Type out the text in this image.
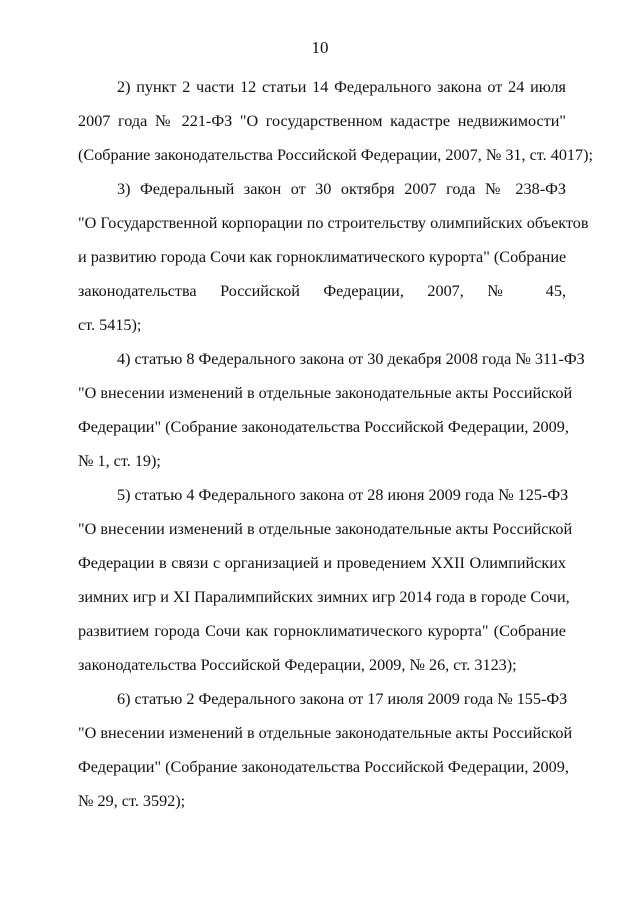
10
2) пункт 2 части 12 статьи 14 Федерального закона от 24 июля
2007 года № 221-ФЗ "О государственном кадастре недвижимости"
(Собрание законодательства Российской Федерации, 2007, № 31, ст. 4017);
3) Федеральный закон от 30 октября 2007 года № 238-ФЗ
"О Государственной корпорации по строительству олимпийских объектов
и развитию города Сочи как горноклиматического курорта" (Собрание
законодательства Российской Федерации, 2007, № 45,
ст. 5415);
4) статью 8 Федерального закона от 30 декабря 2008 года № 311-ФЗ
"О внесении изменений в отдельные законодательные акты Российской
Федерации" (Собрание законодательства Российской Федерации, 2009,
№ 1, ст. 19);
5) статью 4 Федерального закона от 28 июня 2009 года № 125-ФЗ
"О внесении изменений в отдельные законодательные акты Российской
Федерации в связи с организацией и проведением XXII Олимпийских
зимних игр и XI Паралимпийских зимних игр 2014 года в городе Сочи,
развитием города Сочи как горноклиматического курорта" (Собрание
законодательства Российской Федерации, 2009, № 26, ст. 3123);
6) статью 2 Федерального закона от 17 июля 2009 года № 155-ФЗ
"О внесении изменений в отдельные законодательные акты Российской
Федерации" (Собрание законодательства Российской Федерации, 2009,
№ 29, ст. 3592);
